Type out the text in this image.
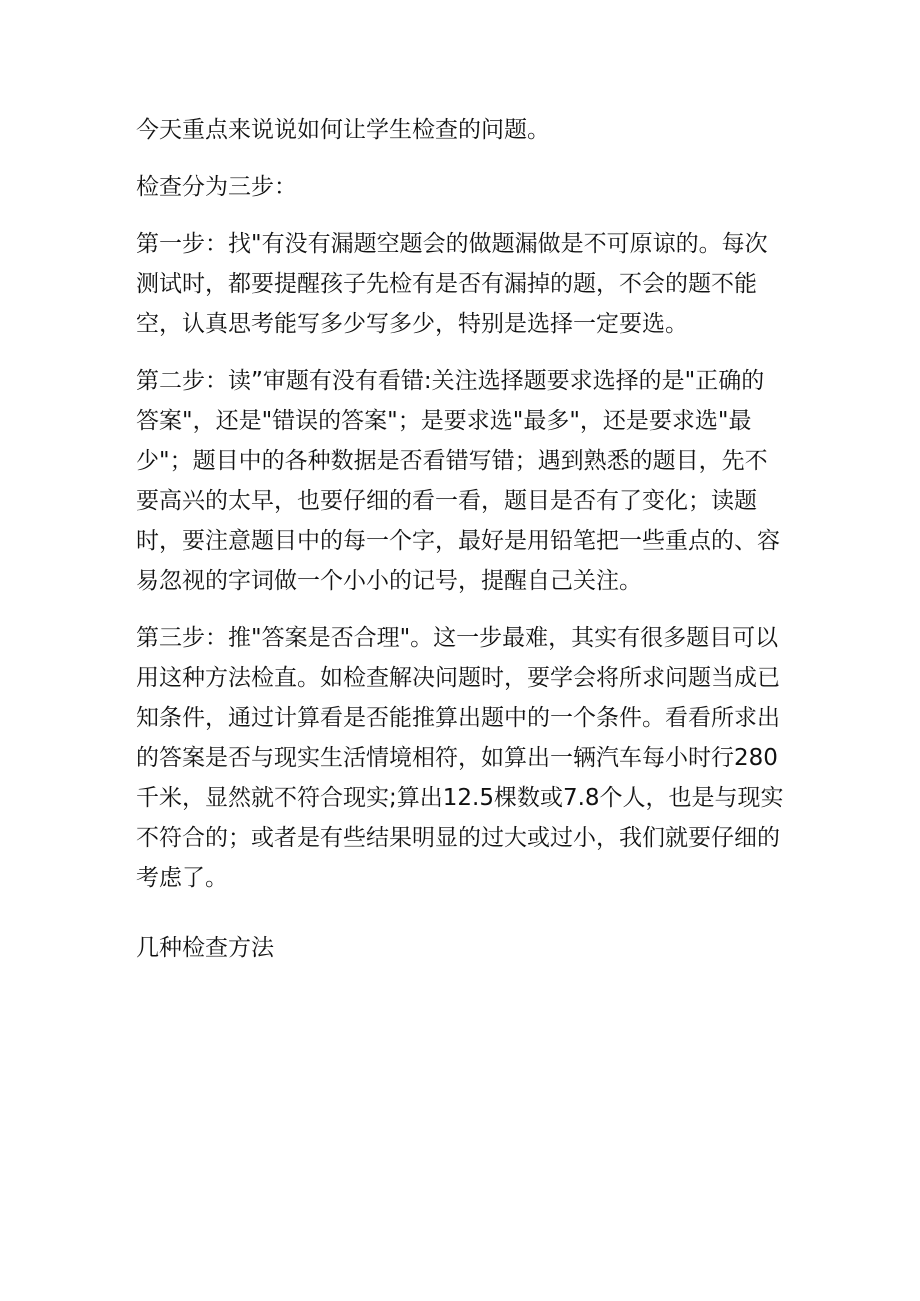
今天重点来说说如何让学生检查的问题。

检查分为三步：

第一步：找"有没有漏题空题会的做题漏做是不可原谅的。每次测试时，都要提醒孩子先检有是否有漏掉的题，不会的题不能空，认真思考能写多少写多少，特别是选择一定要选。

第二步：读”审题有没有看错:关注选择题要求选择的是"正确的答案"，还是"错误的答案"；是要求选"最多"，还是要求选"最少"；题目中的各种数据是否看错写错；遇到熟悉的题目，先不要高兴的太早，也要仔细的看一看，题目是否有了变化；读题时，要注意题目中的每一个字，最好是用铅笔把一些重点的、容易忽视的字词做一个小小的记号，提醒自己关注。

第三步：推"答案是否合理"。这一步最难，其实有很多题目可以用这种方法检直。如检查解决问题时，要学会将所求问题当成已知条件，通过计算看是否能推算出题中的一个条件。看看所求出的答案是否与现实生活情境相符，如算出一辆汽车每小时行280千米，显然就不符合现实;算出12.5棵数或7.8个人，也是与现实不符合的；或者是有些结果明显的过大或过小，我们就要仔细的考虑了。

几种检查方法
